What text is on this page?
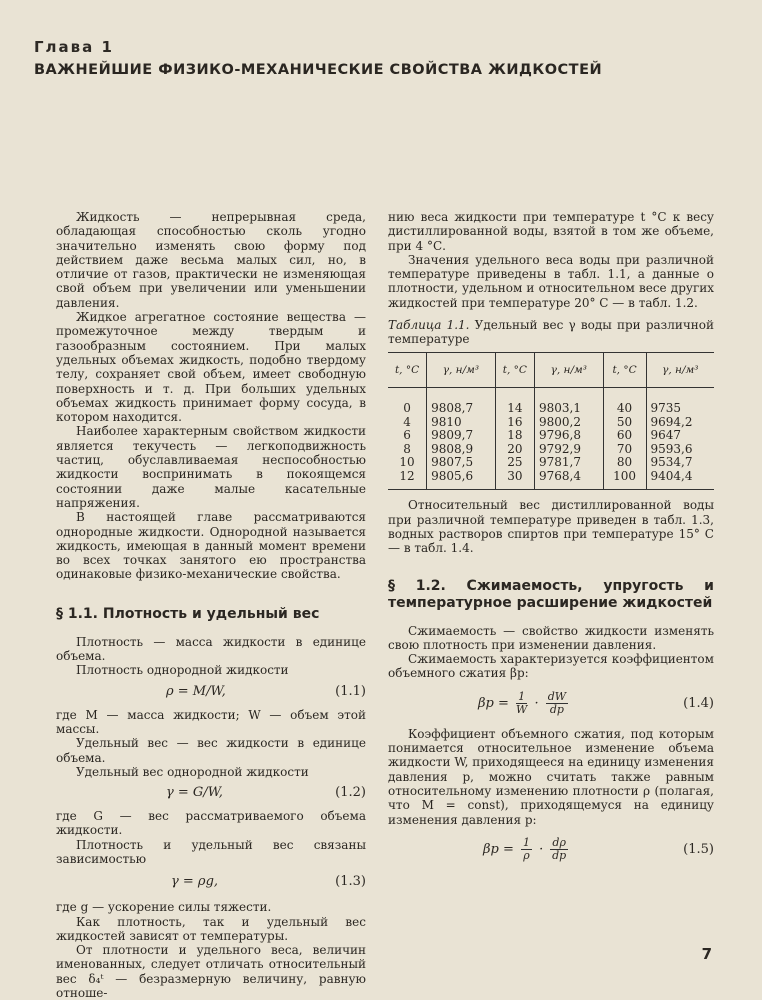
Глава 1
ВАЖНЕЙШИЕ ФИЗИКО-МЕХАНИЧЕСКИЕ СВОЙСТВА ЖИДКОСТЕЙ

Жидкость — непрерывная среда, обладающая способностью сколь угодно значительно изменять свою форму под действием даже весьма малых сил, но, в отличие от газов, практически не изменяющая свой объем при увеличении или уменьшении давления.

Жидкое агрегатное состояние вещества — промежуточное между твердым и газообразным состоянием. При малых удельных объемах жидкость, подобно твердому телу, сохраняет свой объем, имеет свободную поверхность и т. д. При больших удельных объемах жидкость принимает форму сосуда, в котором находится.

Наиболее характерным свойством жидкости является текучесть — легкоподвижность частиц, обуславливаемая неспособностью жидкости воспринимать в покоящемся состоянии даже малые касательные напряжения.

В настоящей главе рассматриваются однородные жидкости. Однородной называется жидкость, имеющая в данный момент времени во всех точках занятого ею пространства одинаковые физико-механические свойства.

§ 1.1. Плотность и удельный вес

Плотность — масса жидкости в единице объема.

Плотность однородной жидкости

ρ = M/W,	(1.1)

где M — масса жидкости; W — объем этой массы.

Удельный вес — вес жидкости в единице объема.

Удельный вес однородной жидкости

γ = G/W,	(1.2)

где G — вес рассматриваемого объема жидкости.

Плотность и удельный вес связаны зависимостью

γ = ρg,	(1.3)

где g — ускорение силы тяжести.

Как плотность, так и удельный вес жидкостей зависят от температуры.

От плотности и удельного веса, величин именованных, следует отличать относительный вес δ₄ᵗ — безразмерную величину, равную отноше-

нию веса жидкости при температуре t °С к весу дистиллированной воды, взятой в том же объеме, при 4 °С.

Значения удельного веса воды при различной температуре приведены в табл. 1.1, а данные о плотности, удельном и относительном весе других жидкостей при температуре 20° С — в табл. 1.2.

Таблица 1.1. Удельный вес γ воды при различной температуре
t, °C	γ, н/м³	t, °C	γ, н/м³	t, °C	γ, н/м³
0	9808,7	14	9803,1	40	9735
4	9810	16	9800,2	50	9694,2
6	9809,7	18	9796,8	60	9647
8	9808,9	20	9792,9	70	9593,6
10	9807,5	25	9781,7	80	9534,7
12	9805,6	30	9768,4	100	9404,4

Относительный вес дистиллированной воды при различной температуре приведен в табл. 1.3, водных растворов спиртов при температуре 15° С — в табл. 1.4.

§ 1.2. Сжимаемость, упругость и температурное расширение жидкостей

Сжимаемость — свойство жидкости изменять свою плотность при изменении давления.

Сжимаемость характеризуется коэффициентом объемного сжатия βp:

$\beta p = \frac{1}{W} \cdot \frac{dW}{dp}$	(1.4)

Коэффициент объемного сжатия, под которым понимается относительное изменение объема жидкости W, приходящееся на единицу изменения давления p, можно считать также равным относительному изменению плотности ρ (полагая, что M = const), приходящемуся на единицу изменения давления p:

$\beta p = \frac{1}{\rho} \cdot \frac{d\rho}{dp}$	(1.5)
7
